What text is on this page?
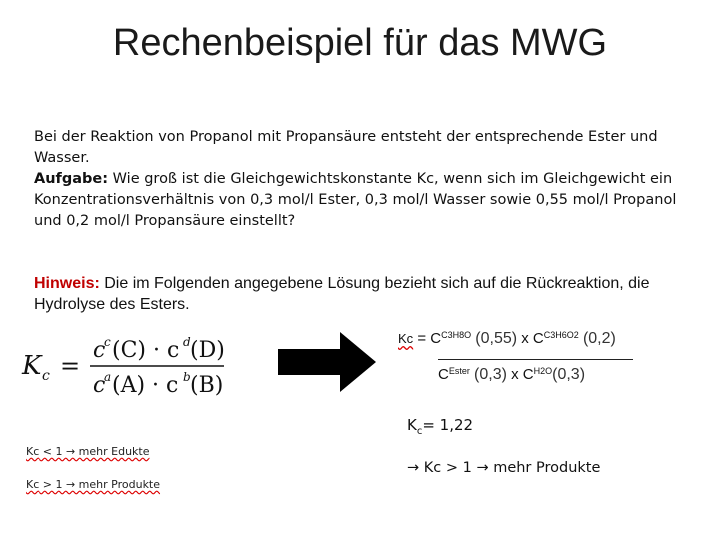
Rechenbeispiel für das MWG

Bei der Reaktion von Propanol mit Propansäure entsteht der entsprechende Ester und Wasser.

Aufgabe: Wie groß ist die Gleichgewichtskonstante Kc, wenn sich im Gleichgewicht ein Konzentrationsverhältnis von 0,3 mol/l Ester, 0,3 mol/l Wasser sowie 0,55 mol/l Propanol und 0,2 mol/l Propansäure einstellt?

Hinweis: Die im Folgenden angegebene Lösung bezieht sich auf die Rückreaktion, die Hydrolyse des Esters.
K c =
c
c (C) · c d (D)
c
a (A) · c b (B)
$Kc = C^{C3H8O}$ (0,55) x $C^{C3H6O2}$ (0,2)
$C^{Ester}$ (0,3) x $C^{H2O}(0,3)$
$K_c= 1,22$
Kc < 1 → mehr Edukte
Kc > 1 → mehr Produkte
→ Kc > 1 → mehr Produkte
